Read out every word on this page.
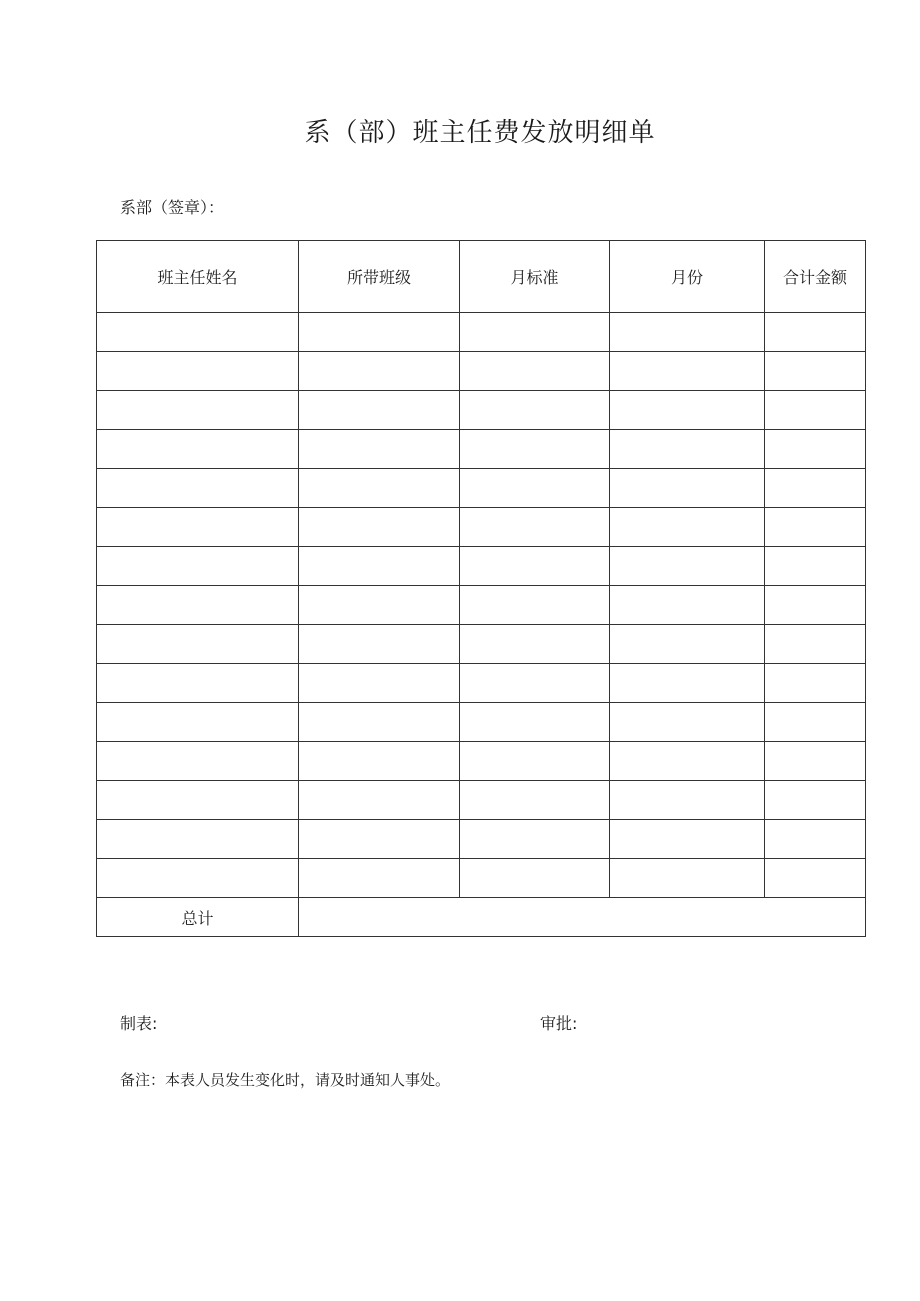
系（部）班主任费发放明细单
系部（签章）：
班主任姓名	所带班级	月标准	月份	合计金额

总计				
制表:	审批:
备注：本表人员发生变化时，请及时通知人事处。
